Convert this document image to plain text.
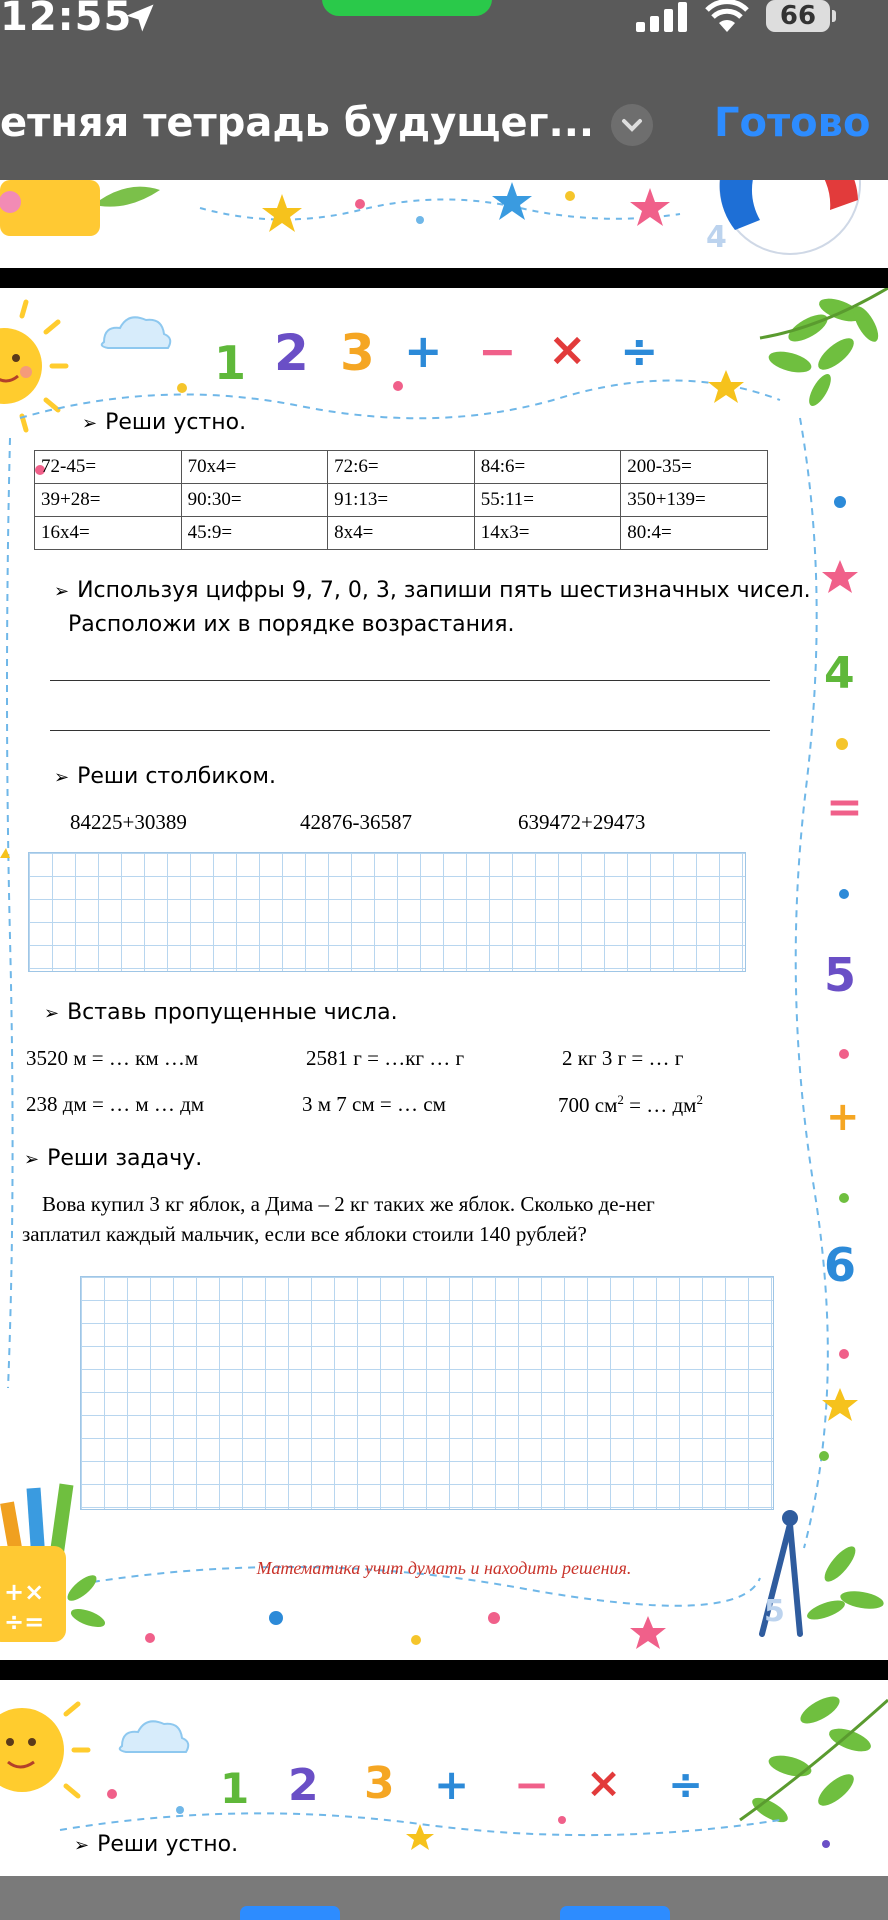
12:55	66
етняя тетрадь будущег...	Готово
4
+×
÷=
1 2 3 + − × ÷
4
=
5
+
6
➢ Реши устно.
72-45=	70x4=	72:6=	84:6=	200-35=
39+28=	90:30=	91:13=	55:11=	350+139=
16x4=	45:9=	8x4=	14x3=	80:4=
➢ Используя цифры 9, 7, 0, 3, запиши пять шестизначных чисел.
Расположи их в порядке возрастания.
➢ Реши столбиком.
84225+30389	42876-36587	639472+29473
➢ Вставь пропущенные числа.
3520 м = … км …м	2581 г = …кг … г	2 кг 3 г = … г
238 дм = … м … дм	3 м 7 см = … см	700 $см^2$ = … $дм^2$
➢ Реши задачу.
Вова купил 3 кг яблок, а Дима – 2 кг таких же яблок. Сколько де-нег
заплатил каждый мальчик, если все яблоки стоили 140 рублей?
Математика учит думать и находить решения.
5
1 2 3 + − × ÷
➢ Реши устно.
